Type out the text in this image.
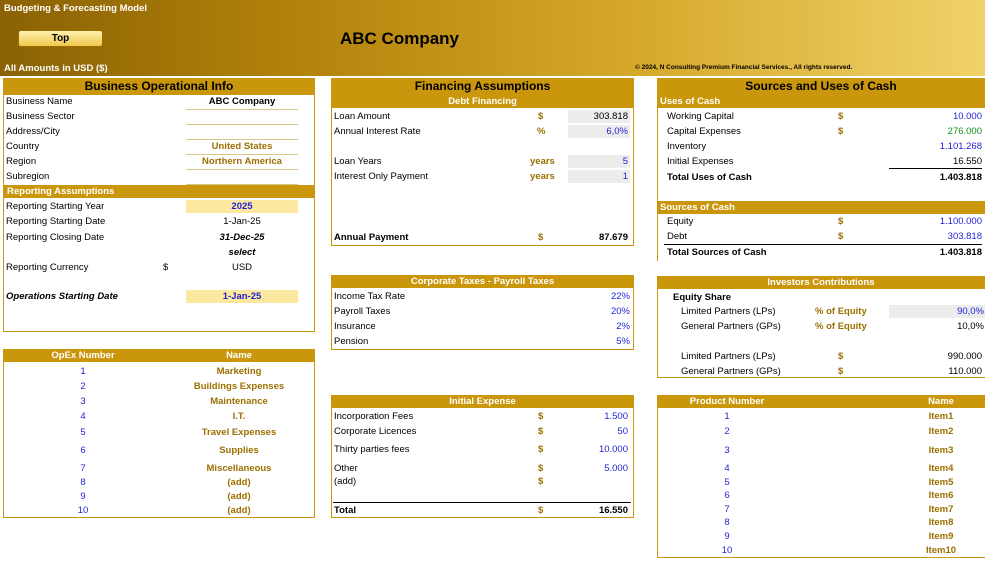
Budgeting & Forecasting Model
Top	ABC Company
All Amounts in USD ($)	© 2024, N Consulting Premium Financial Services., All rights reserved.
Business Operational Info
Business Name	ABC Company
Business Sector
Address/City
Country	United States
Region	Northern America
Subregion
Reporting Assumptions
Reporting Starting Year	2025
Reporting Starting Date	1-Jan-25
Reporting Closing Date	31-Dec-25
select
Reporting Currency	$	USD
Operations Starting Date	1-Jan-25
OpEx Number	Name
1	Marketing
2	Buildings Expenses
3	Maintenance
4	I.T.
5	Travel Expenses
6	Supplies
7	Miscellaneous
8	(add)
9	(add)
10	(add)
Financing Assumptions
Debt Financing
Loan Amount	$	303.818
Annual Interest Rate	%	6,0%
Loan Years	years	5
Interest Only Payment	years	1
Annual Payment	$	87.679
Corporate Taxes - Payroll Taxes
Income Tax Rate	22%
Payroll Taxes	20%
Insurance	2%
Pension	5%
Initial Expense
Incorporation Fees	$	1.500
Corporate Licences	$	50
Thirty parties fees	$	10.000
Other	$	5.000
(add)	$
Total	$	16.550
Sources and Uses of Cash
Uses of Cash
Working Capital	$	10.000
Capital Expenses	$	276.000
Inventory	1.101.268
Initial Expenses	16.550
Total Uses of Cash	1.403.818
Sources of Cash
Equity	$	1.100.000
Debt	$	303.818
Total Sources of Cash	1.403.818
Investors Contributions
Equity Share
Limited Partners (LPs)	% of Equity	90,0%
General Partners (GPs)	% of Equity	10,0%
Limited Partners (LPs)	$	990.000
General Partners (GPs)	$	110.000
Product Number	Name
1	Item1
2	Item2
3	Item3
4	Item4
5	Item5
6	Item6
7	Item7
8	Item8
9	Item9
10	Item10
